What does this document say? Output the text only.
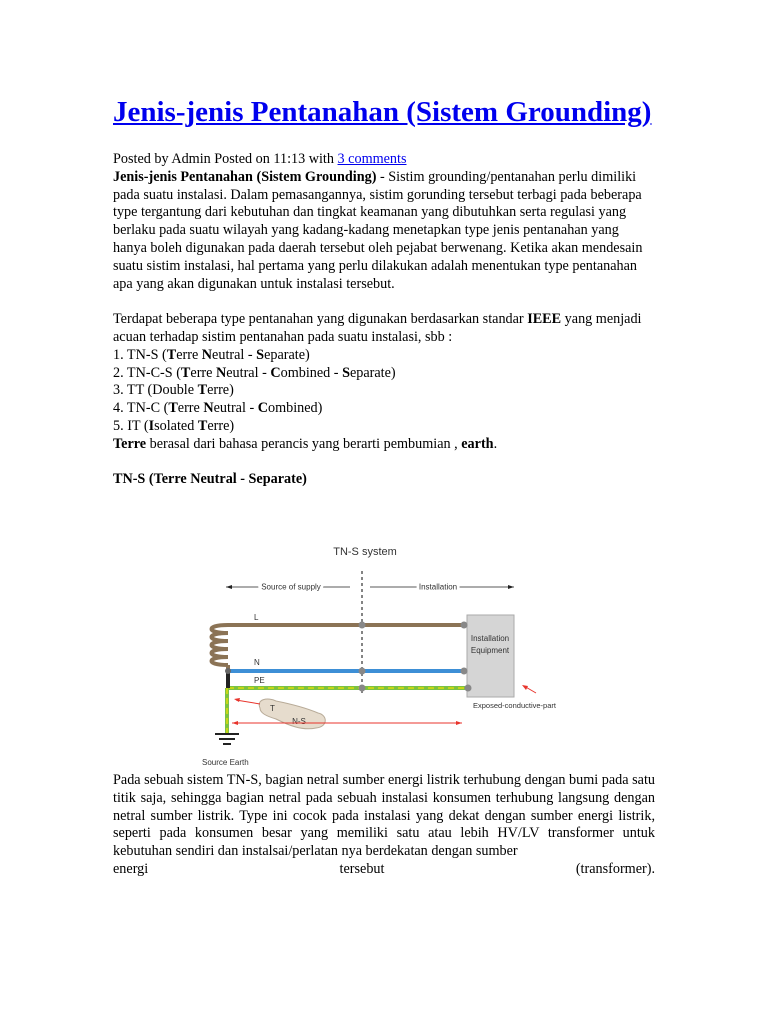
Jenis-jenis Pentanahan (Sistem Grounding)
Posted by Admin Posted on 11:13 with 3 comments

Jenis-jenis Pentanahan (Sistem Grounding) - Sistim grounding/pentanahan perlu dimiliki pada suatu instalasi. Dalam pemasangannya, sistim gorunding tersebut terbagi pada beberapa type tergantung dari kebutuhan dan tingkat keamanan yang dibutuhkan serta regulasi yang berlaku pada suatu wilayah yang kadang-kadang menetapkan type jenis pentanahan yang hanya boleh digunakan pada daerah tersebut oleh pejabat berwenang. Ketika akan mendesain suatu sistim instalasi, hal pertama yang perlu dilakukan adalah menentukan type pentanahan apa yang akan digunakan untuk instalasi tersebut.

Terdapat beberapa type pentanahan yang digunakan berdasarkan standar IEEE yang menjadi acuan terhadap sistim pentanahan pada suatu instalasi, sbb :

1. TN-S (Terre Neutral - Separate)
2. TN-C-S (Terre Neutral - Combined - Separate)
3. TT (Double Terre)
4. TN-C (Terre Neutral - Combined)
5. IT (Isolated Terre)

Terre berasal dari bahasa perancis yang berarti pembumian , earth.

TN-S (Terre Neutral - Separate)

TN-S system
Source of supply	Installation
Installation
Equipment
L
N
PE
Source Earth
T
N-S
Exposed-conductive-part

Pada sebuah sistem TN-S, bagian netral sumber energi listrik terhubung dengan bumi pada satu titik saja, sehingga bagian netral pada sebuah instalasi konsumen terhubung langsung dengan netral sumber listrik. Type ini cocok pada instalasi yang dekat dengan sumber energi listrik, seperti pada konsumen besar yang memiliki satu atau lebih HV/LV transformer untuk kebutuhan sendiri dan instalsai/perlatan nya berdekatan dengan sumber

energi tersebut (transformer).
